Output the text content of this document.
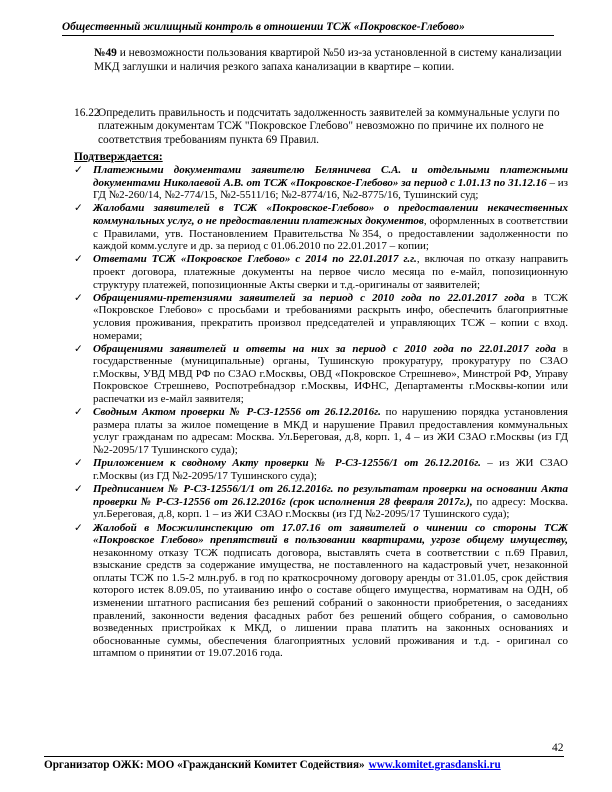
Общественный жилищный контроль в отношении ТСЖ «Покровское-Глебово»
№49 и невозможности пользования квартирой №50 из-за установленной в систему канализации МКД заглушки и наличия резкого запаха канализации в квартире – копии.
16.22
Определить правильность и подсчитать задолженность заявителей за коммунальные услуги по платежным документам ТСЖ "Покровское Глебово" невозможно по причине их полного не соответствия требованиям пункта 69 Правил.
Подтверждается:
✓ Платежными документами заявителю Беляничева С.А. и отдельными платежными документами Николаевой А.В. от ТСЖ «Покровское-Глебово» за период с 1.01.13 по 31.12.16 – из ГД №2-260/14, №2-774/15, №2-5511/16; №2-8774/16, №2-8775/16, Тушинский суд;
✓ Жалобами заявителей в ТСЖ «Покровское-Глебово» о предоставлении некачественных коммунальных услуг, о не предоставлении платежных документов, оформленных в соответствии с Правилами, утв. Постановлением Правительства №354, о предоставлении задолженности по каждой комм.услуге и др. за период с 01.06.2010 по 22.01.2017 – копии;
✓ Ответами ТСЖ «Покровское Глебово» с 2014 по 22.01.2017 г.г., включая по отказу направить проект договора, платежные документы на первое число месяца по е-майл, попозиционную структуру платежей, попозиционные Акты сверки и т.д.-оригиналы от заявителей;
✓ Обращениями-претензиями заявителей за период с 2010 года по 22.01.2017 года в ТСЖ «Покровское Глебово» с просьбами и требованиями раскрыть инфо, обеспечить благоприятные условия проживания, прекратить произвол председателей и управляющих ТСЖ – копии с вход. номерами;
✓ Обращениями заявителей и ответы на них за период с 2010 года по 22.01.2017 года в государственные (муниципальные) органы, Тушинскую прокуратуру, прокуратуру по СЗАО г.Москвы, УВД МВД РФ по СЗАО г.Москвы, ОВД «Покровское Стрешнево», Минстрой РФ, Управу Покровское Стрешнево, Роспотребнадзор г.Москвы, ИФНС, Департаменты г.Москвы-копии или распечатки из е-майл заявителя;
✓ Сводным Актом проверки № Р-СЗ-12556 от 26.12.2016г. по нарушению порядка установления размера платы за жилое помещение в МКД и нарушение Правил предоставления коммунальных услуг гражданам по адресам: Москва. Ул.Береговая, д.8, корп. 1, 4 – из ЖИ СЗАО г.Москвы (из ГД №2-2095/17 Тушинского суда);
✓ Приложением к сводному Акту проверки № Р-СЗ-12556/1 от 26.12.2016г. – из ЖИ СЗАО г.Москвы (из ГД №2-2095/17 Тушинского суда);
✓ Предписанием № Р-СЗ-12556/1/1 от 26.12.2016г. по результатам проверки на основании Акта проверки № Р-СЗ-12556 от 26.12.2016г (срок исполнения 28 февраля 2017г.), по адресу: Москва. ул.Береговая, д.8, корп. 1 – из ЖИ СЗАО г.Москвы (из ГД №2-2095/17 Тушинского суда);
✓ Жалобой в Мосжилинспекцию от 17.07.16 от заявителей о чинении со стороны ТСЖ «Покровское Глебово» препятствий в пользовании квартирами, угрозе общему имуществу, незаконному отказу ТСЖ подписать договора, выставлять счета в соответствии с п.69 Правил, взыскание средств за содержание имущества, не поставленного на кадастровый учет, незаконной оплаты ТСЖ по 1.5-2 млн.руб. в год по краткосрочному договору аренды от 31.01.05, срок действия которого истек 8.09.05, по утаиванию инфо о составе общего имущества, нормативам на ОДН, об изменении штатного расписания без решений собраний о законности приобретения, о заседаниях правлений, законности ведения фасадных работ без решений общего собрания, о самовольно возведенных пристройках к МКД, о лишении права платить на законных основаниях и обоснованные суммы, обеспечения благоприятных условий проживания и т.д. - оригинал со штампом о принятии от 19.07.2016 года.
42
Организатор ОЖК: МОО «Гражданский Комитет Содействия» www.komitet.grasdanski.ru
